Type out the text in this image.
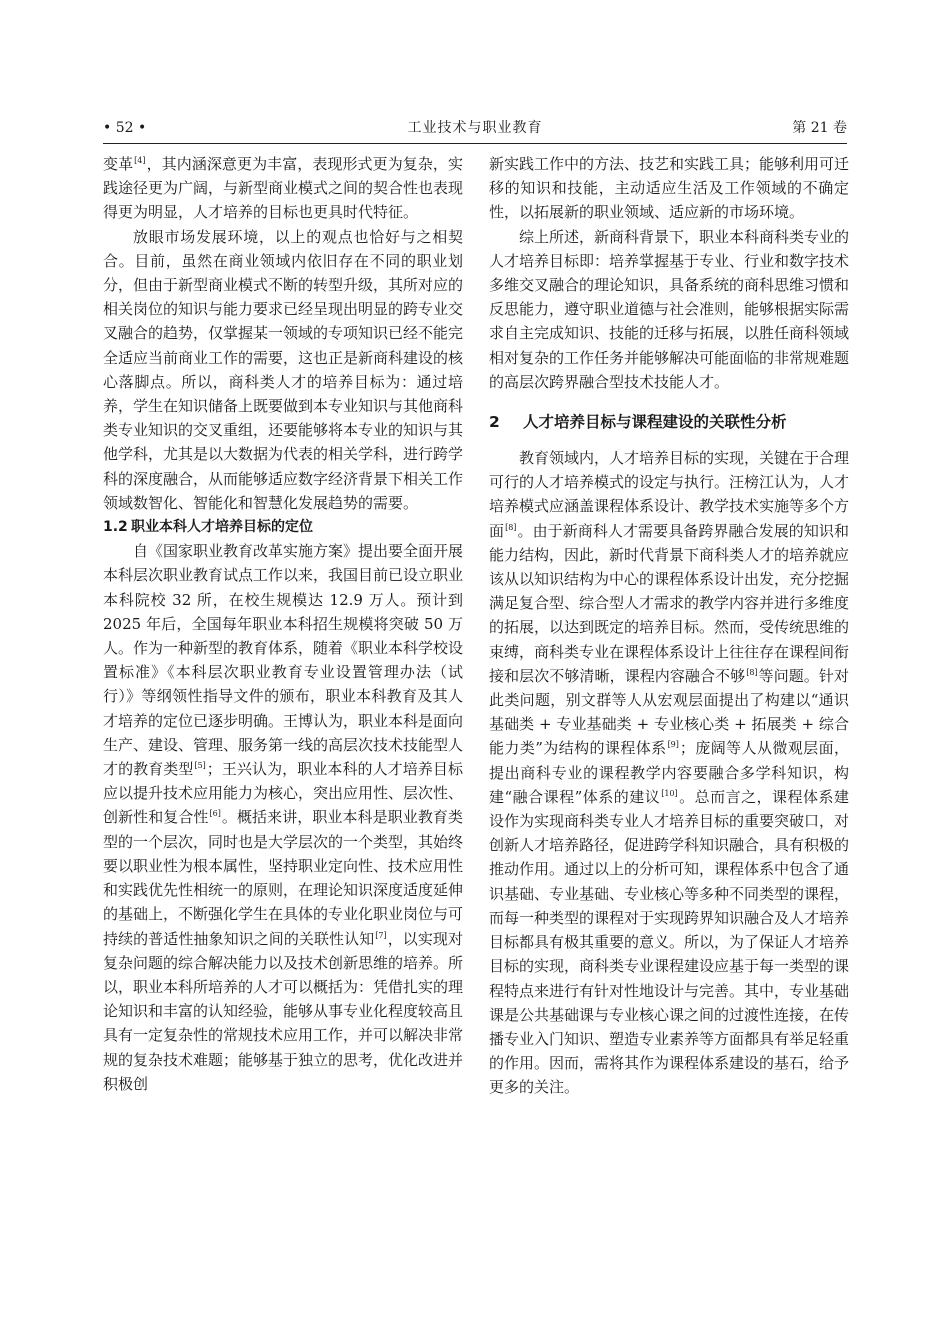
• 52 •	工业技术与职业教育	第 21 卷

变革[4]，其内涵深意更为丰富，表现形式更为复杂，实践途径更为广阔，与新型商业模式之间的契合性也表现得更为明显，人才培养的目标也更具时代特征。

放眼市场发展环境，以上的观点也恰好与之相契合。目前，虽然在商业领域内依旧存在不同的职业划分，但由于新型商业模式不断的转型升级，其所对应的相关岗位的知识与能力要求已经呈现出明显的跨专业交叉融合的趋势，仅掌握某一领域的专项知识已经不能完全适应当前商业工作的需要，这也正是新商科建设的核心落脚点。所以，商科类人才的培养目标为：通过培养，学生在知识储备上既要做到本专业知识与其他商科类专业知识的交叉重组，还要能够将本专业的知识与其他学科，尤其是以大数据为代表的相关学科，进行跨学科的深度融合，从而能够适应数字经济背景下相关工作领域数智化、智能化和智慧化发展趋势的需要。

1.2 职业本科人才培养目标的定位

自《国家职业教育改革实施方案》提出要全面开展本科层次职业教育试点工作以来，我国目前已设立职业本科院校 32 所，在校生规模达 12.9 万人。预计到 2025 年后，全国每年职业本科招生规模将突破 50 万人。作为一种新型的教育体系，随着《职业本科学校设置标准》《本科层次职业教育专业设置管理办法（试行）》等纲领性指导文件的颁布，职业本科教育及其人才培养的定位已逐步明确。王博认为，职业本科是面向生产、建设、管理、服务第一线的高层次技术技能型人才的教育类型[5]；王兴认为，职业本科的人才培养目标应以提升技术应用能力为核心，突出应用性、层次性、创新性和复合性[6]。概括来讲，职业本科是职业教育类型的一个层次，同时也是大学层次的一个类型，其始终要以职业性为根本属性，坚持职业定向性、技术应用性和实践优先性相统一的原则，在理论知识深度适度延伸的基础上，不断强化学生在具体的专业化职业岗位与可持续的普适性抽象知识之间的关联性认知[7]，以实现对复杂问题的综合解决能力以及技术创新思维的培养。所以，职业本科所培养的人才可以概括为：凭借扎实的理论知识和丰富的认知经验，能够从事专业化程度较高且具有一定复杂性的常规技术应用工作，并可以解决非常规的复杂技术难题；能够基于独立的思考，优化改进并积极创

新实践工作中的方法、技艺和实践工具；能够利用可迁移的知识和技能，主动适应生活及工作领域的不确定性，以拓展新的职业领域、适应新的市场环境。

综上所述，新商科背景下，职业本科商科类专业的人才培养目标即：培养掌握基于专业、行业和数字技术多维交叉融合的理论知识，具备系统的商科思维习惯和反思能力，遵守职业道德与社会准则，能够根据实际需求自主完成知识、技能的迁移与拓展，以胜任商科领域相对复杂的工作任务并能够解决可能面临的非常规难题的高层次跨界融合型技术技能人才。

2 人才培养目标与课程建设的关联性分析

教育领域内，人才培养目标的实现，关键在于合理可行的人才培养模式的设定与执行。汪榜江认为，人才培养模式应涵盖课程体系设计、教学技术实施等多个方面[8]。由于新商科人才需要具备跨界融合发展的知识和能力结构，因此，新时代背景下商科类人才的培养就应该从以知识结构为中心的课程体系设计出发，充分挖掘满足复合型、综合型人才需求的教学内容并进行多维度的拓展，以达到既定的培养目标。然而，受传统思维的束缚，商科类专业在课程体系设计上往往存在课程间衔接和层次不够清晰，课程内容融合不够[8]等问题。针对此类问题，别文群等人从宏观层面提出了构建以“通识基础类 + 专业基础类 + 专业核心类 + 拓展类 + 综合能力类”为结构的课程体系[9]；庞阔等人从微观层面，提出商科专业的课程教学内容要融合多学科知识，构建“融合课程”体系的建议[10]。总而言之，课程体系建设作为实现商科类专业人才培养目标的重要突破口，对创新人才培养路径，促进跨学科知识融合，具有积极的推动作用。通过以上的分析可知，课程体系中包含了通识基础、专业基础、专业核心等多种不同类型的课程，而每一种类型的课程对于实现跨界知识融合及人才培养目标都具有极其重要的意义。所以，为了保证人才培养目标的实现，商科类专业课程建设应基于每一类型的课程特点来进行有针对性地设计与完善。其中，专业基础课是公共基础课与专业核心课之间的过渡性连接，在传播专业入门知识、塑造专业素养等方面都具有举足轻重的作用。因而，需将其作为课程体系建设的基石，给予更多的关注。
